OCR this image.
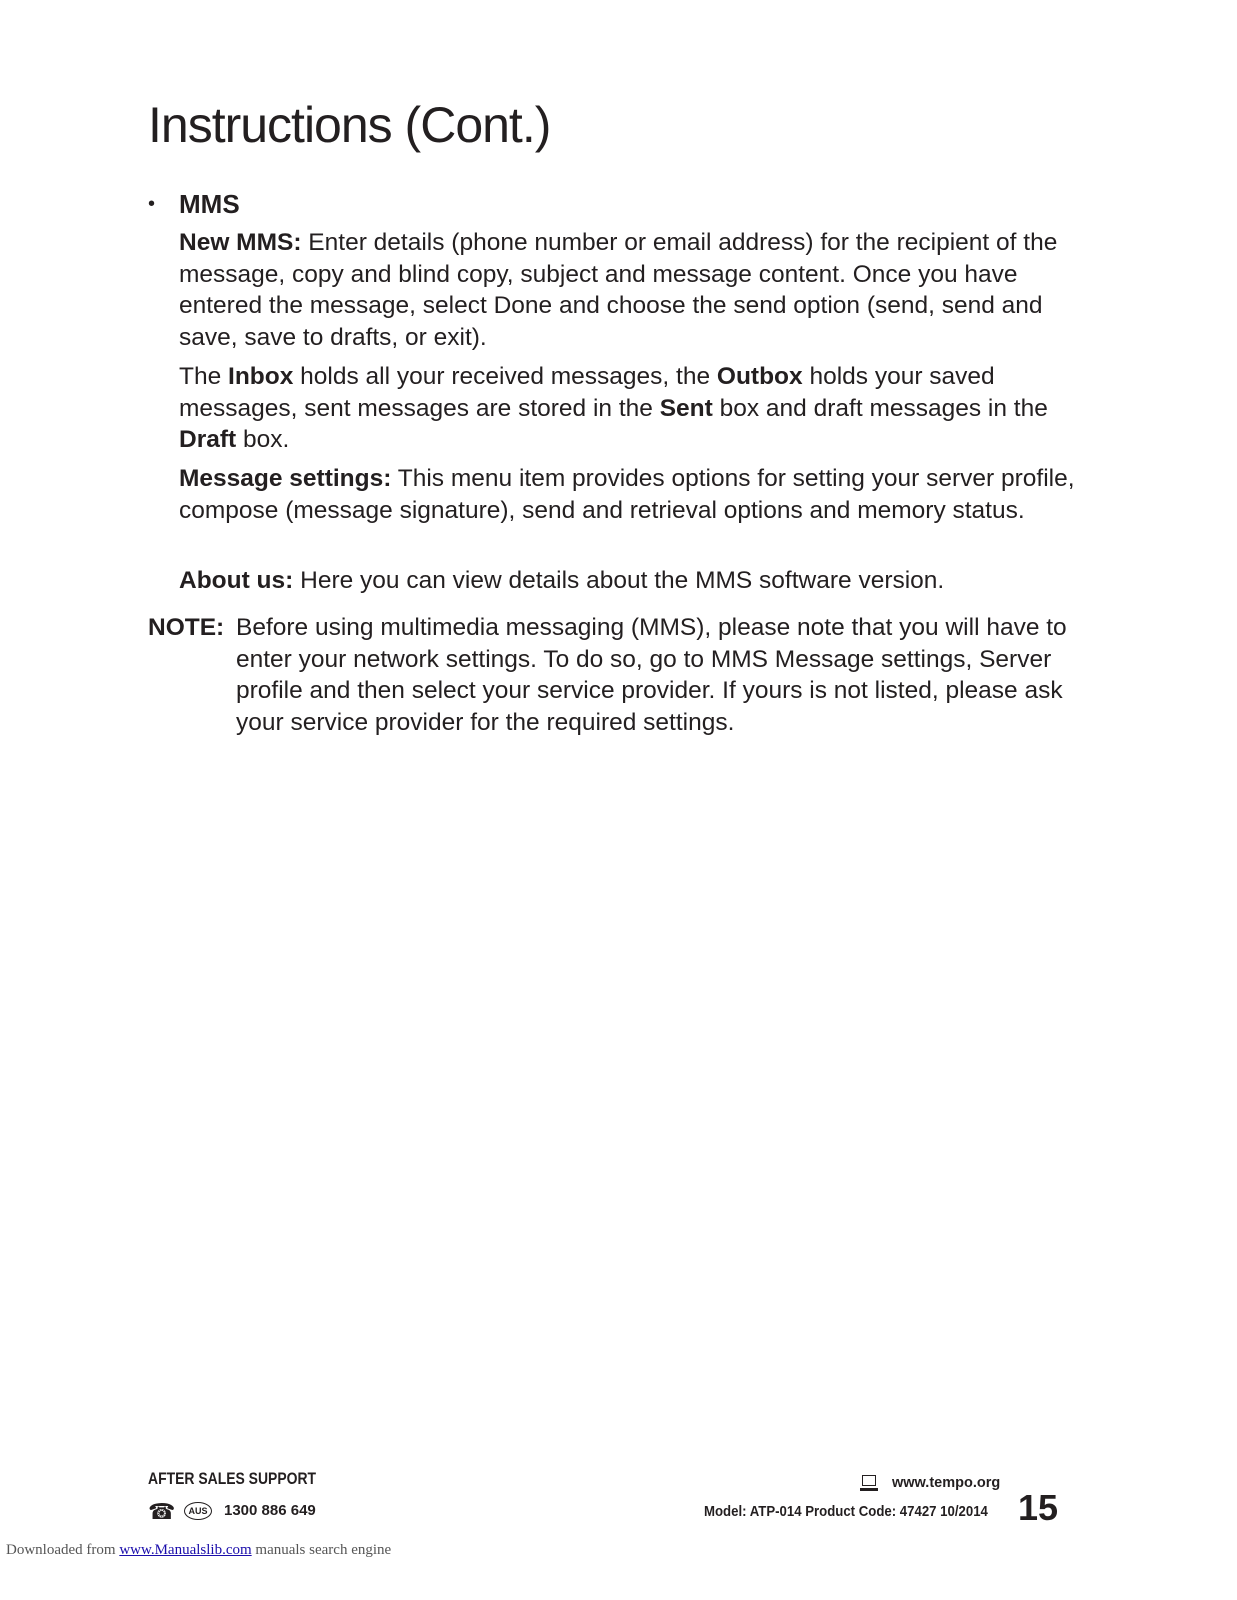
Instructions (Cont.)
• MMS
New MMS: Enter details (phone number or email address) for the recipient of the message, copy and blind copy, subject and message content. Once you have entered the message, select Done and choose the send option (send, send and save, save to drafts, or exit).
The Inbox holds all your received messages, the Outbox holds your saved messages, sent messages are stored in the Sent box and draft messages in the Draft box.
Message settings: This menu item provides options for setting your server profile, compose (message signature), send and retrieval options and memory status.
About us: Here you can view details about the MMS software version.
NOTE: Before using multimedia messaging (MMS), please note that you will have to enter your network settings. To do so, go to MMS Message settings, Server profile and then select your service provider. If yours is not listed, please ask your service provider for the required settings.
AFTER SALES SUPPORT
☎	AUS	1300 886 649
www.tempo.org
Model: ATP-014 Product Code: 47427 10/2014 15
Downloaded from www.Manualslib.com manuals search engine
